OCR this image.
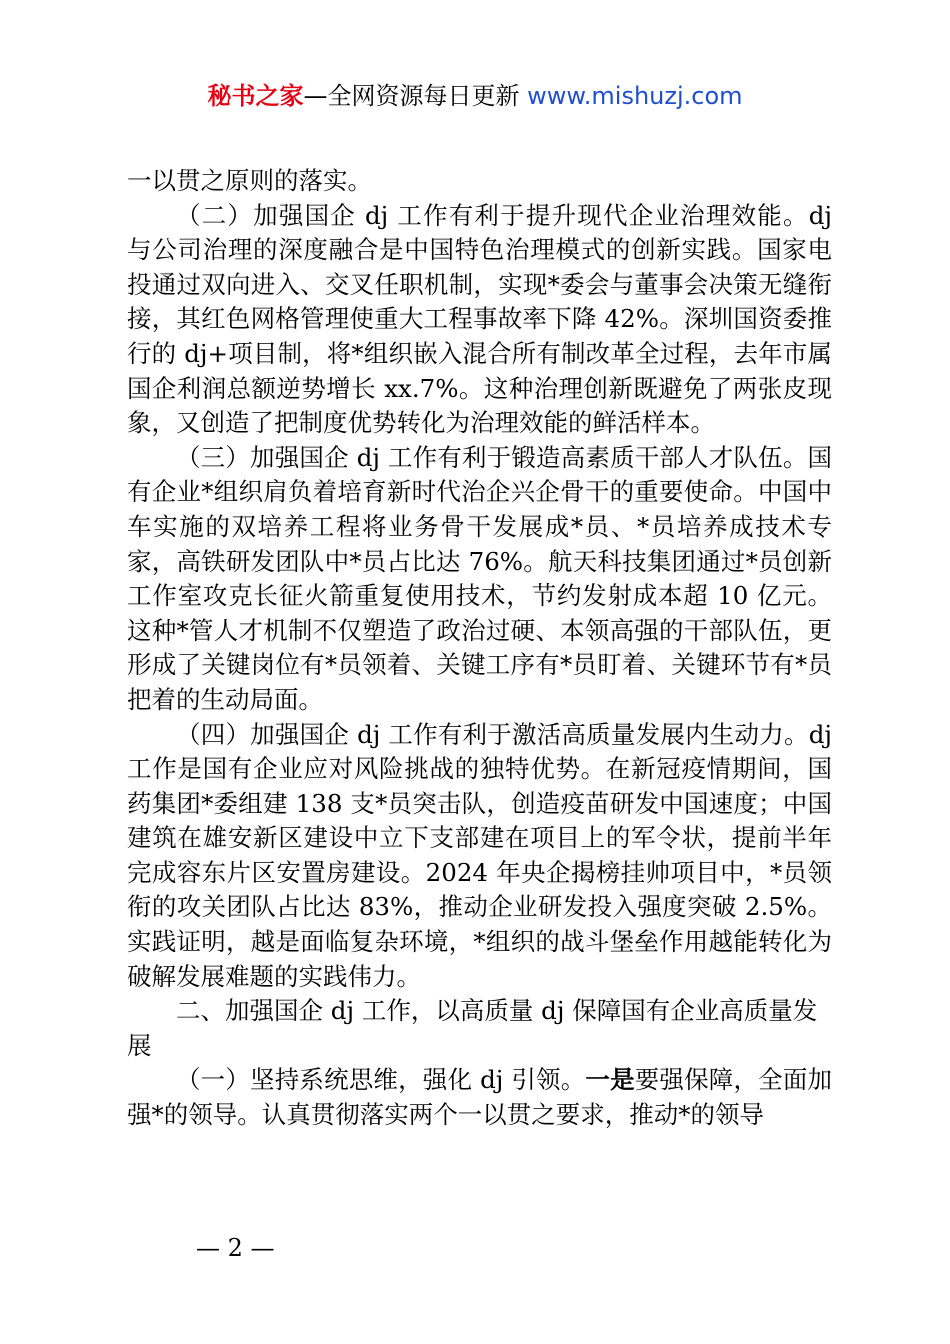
秘书之家—全网资源每日更新 www.mishuzj.com

一以贯之原则的落实。

（二）加强国企 dj 工作有利于提升现代企业治理效能。dj 与公司治理的深度融合是中国特色治理模式的创新实践。国家电投通过双向进入、交叉任职机制，实现*委会与董事会决策无缝衔接，其红色网格管理使重大工程事故率下降 42%。深圳国资委推行的 dj+项目制，将*组织嵌入混合所有制改革全过程，去年市属国企利润总额逆势增长 xx.7%。这种治理创新既避免了两张皮现象，又创造了把制度优势转化为治理效能的鲜活样本。

（三）加强国企 dj 工作有利于锻造高素质干部人才队伍。国有企业*组织肩负着培育新时代治企兴企骨干的重要使命。中国中车实施的双培养工程将业务骨干发展成*员、*员培养成技术专家，高铁研发团队中*员占比达 76%。航天科技集团通过*员创新工作室攻克长征火箭重复使用技术，节约发射成本超 10 亿元。这种*管人才机制不仅塑造了政治过硬、本领高强的干部队伍，更形成了关键岗位有*员领着、关键工序有*员盯着、关键环节有*员把着的生动局面。

（四）加强国企 dj 工作有利于激活高质量发展内生动力。dj 工作是国有企业应对风险挑战的独特优势。在新冠疫情期间，国药集团*委组建 138 支*员突击队，创造疫苗研发中国速度；中国建筑在雄安新区建设中立下支部建在项目上的军令状，提前半年完成容东片区安置房建设。2024 年央企揭榜挂帅项目中，*员领衔的攻关团队占比达 83%，推动企业研发投入强度突破 2.5%。实践证明，越是面临复杂环境，*组织的战斗堡垒作用越能转化为破解发展难题的实践伟力。

二、加强国企 dj 工作，以高质量 dj 保障国有企业高质量发展

（一）坚持系统思维，强化 dj 引领。一是要强保障，全面加强*的领导。认真贯彻落实两个一以贯之要求，推动*的领导

— 2 —
